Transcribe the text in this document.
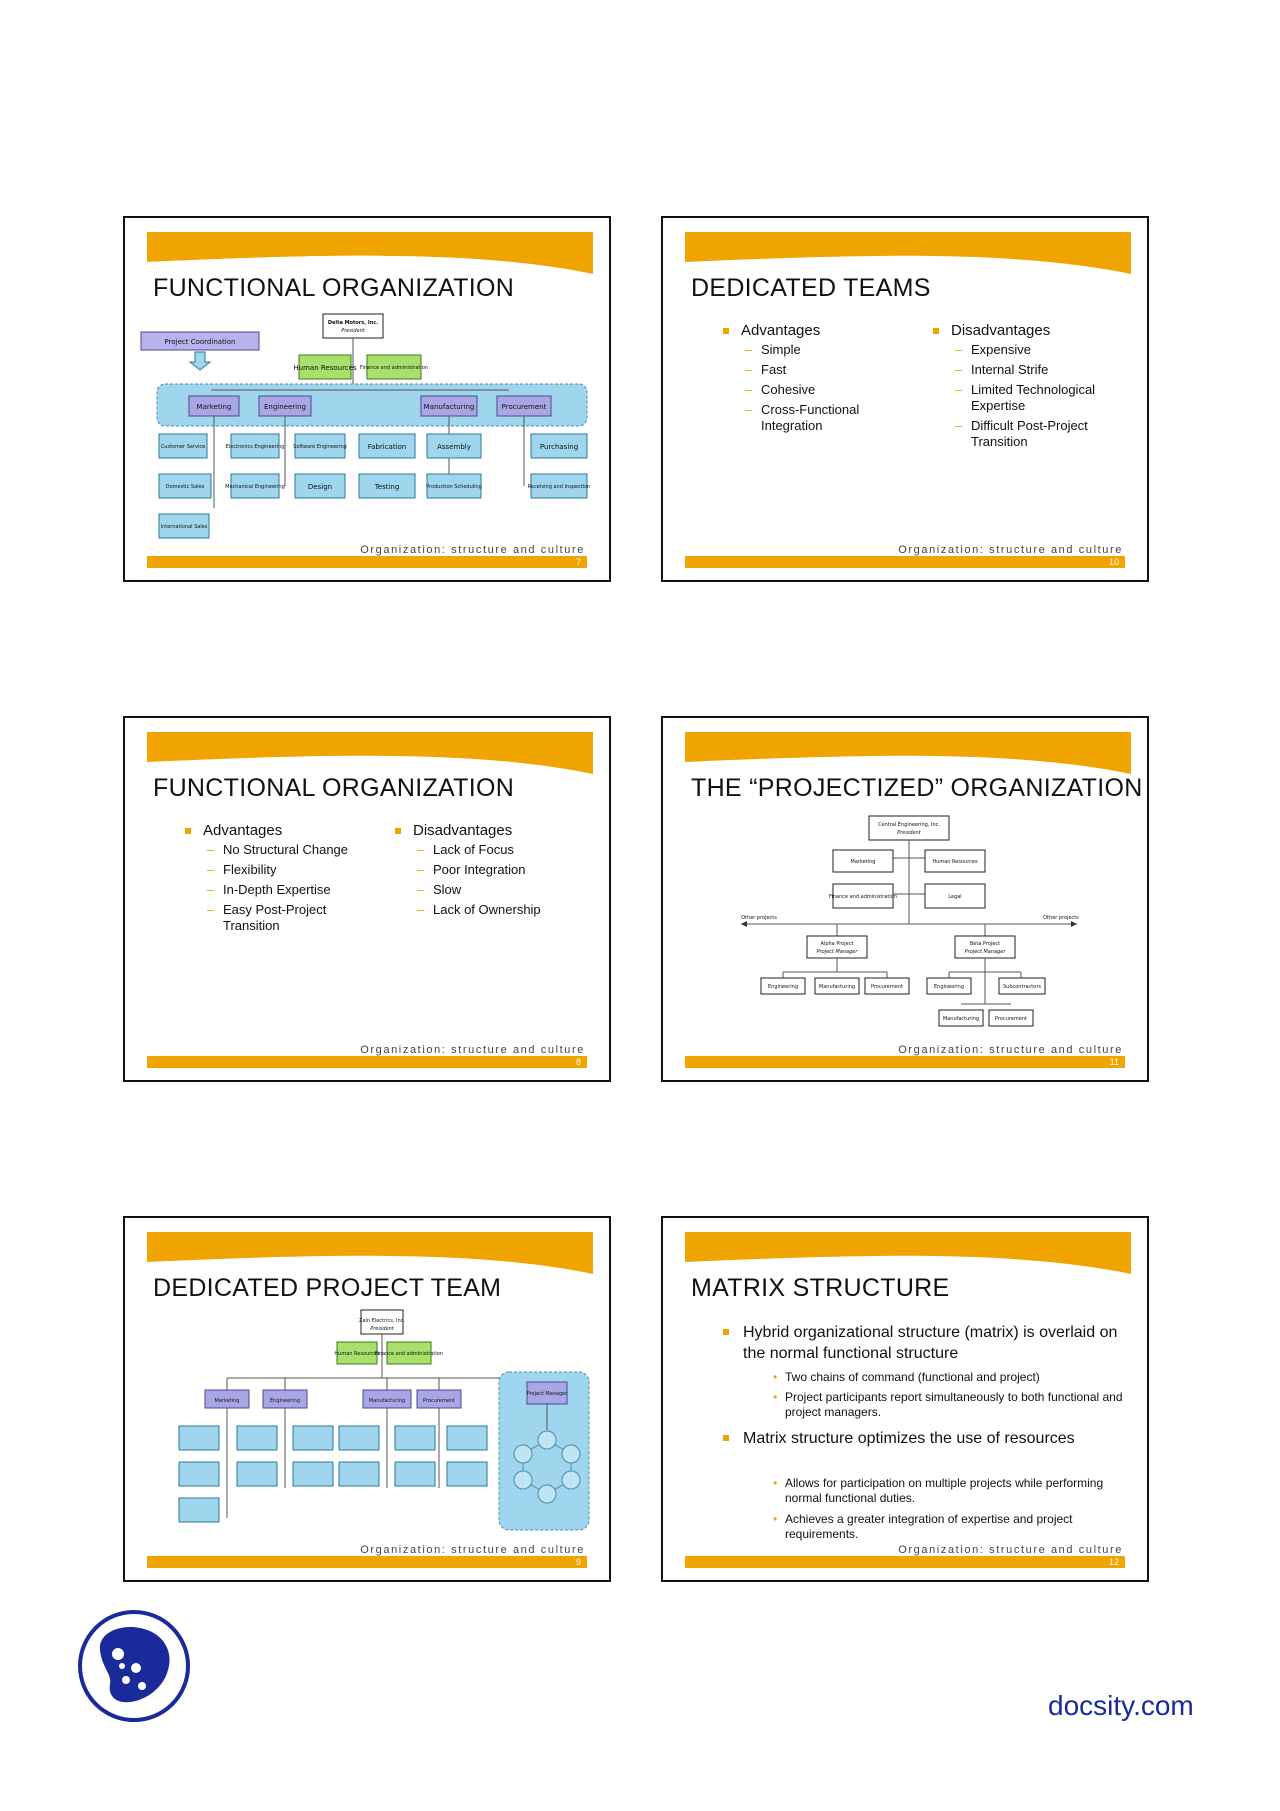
FUNCTIONAL ORGANIZATION
Delta Motors, Inc.
President
Project Coordination
Human Resources Finance and administration
Marketing	Engineering	Manufacturing	Procurement
Customer Service
Domestic Sales
International Sales
Electronics Engineering
Mechanical Engineering
Software Engineering
Design
Fabrication
Testing
Assembly
Production Scheduling
Purchasing
Receiving and Inspection
Organization: structure and culture
7
DEDICATED TEAMS
Advantages
– Simple
– Fast
– Cohesive
– Cross-Functional Integration
Disadvantages
– Expensive
– Internal Strife
– Limited Technological Expertise
– Difficult Post-Project Transition
Organization: structure and culture
10
FUNCTIONAL ORGANIZATION
Advantages
– No Structural Change
– Flexibility
– In-Depth Expertise
– Easy Post-Project Transition
Disadvantages
– Lack of Focus
– Poor Integration
– Slow
– Lack of Ownership
Organization: structure and culture
8
THE “PROJECTIZED” ORGANIZATION
Central Engineering, Inc.
President
Marketing	Human Resources
Finance and administration	Legal
Other projects	Other projects
Alpha Project
Project Manager
Beta Project
Project Manager
Engineering	Manufacturing	Procurement	Engineering	Subcontractors
Manufacturing	Procurement
Organization: structure and culture
11
DEDICATED PROJECT TEAM
Zain Electrics, Inc.
President
Human Resources
Finance and administration
Project Manager
Marketing	Engineering	Manufacturing	Procurement
Organization: structure and culture
9
MATRIX STRUCTURE
Hybrid organizational structure (matrix) is overlaid on the normal functional structure
• Two chains of command (functional and project)
• Project participants report simultaneously to both functional and project managers.
Matrix structure optimizes the use of resources
• Allows for participation on multiple projects while performing normal functional duties.
• Achieves a greater integration of expertise and project requirements.
Organization: structure and culture
12
docsity.com
